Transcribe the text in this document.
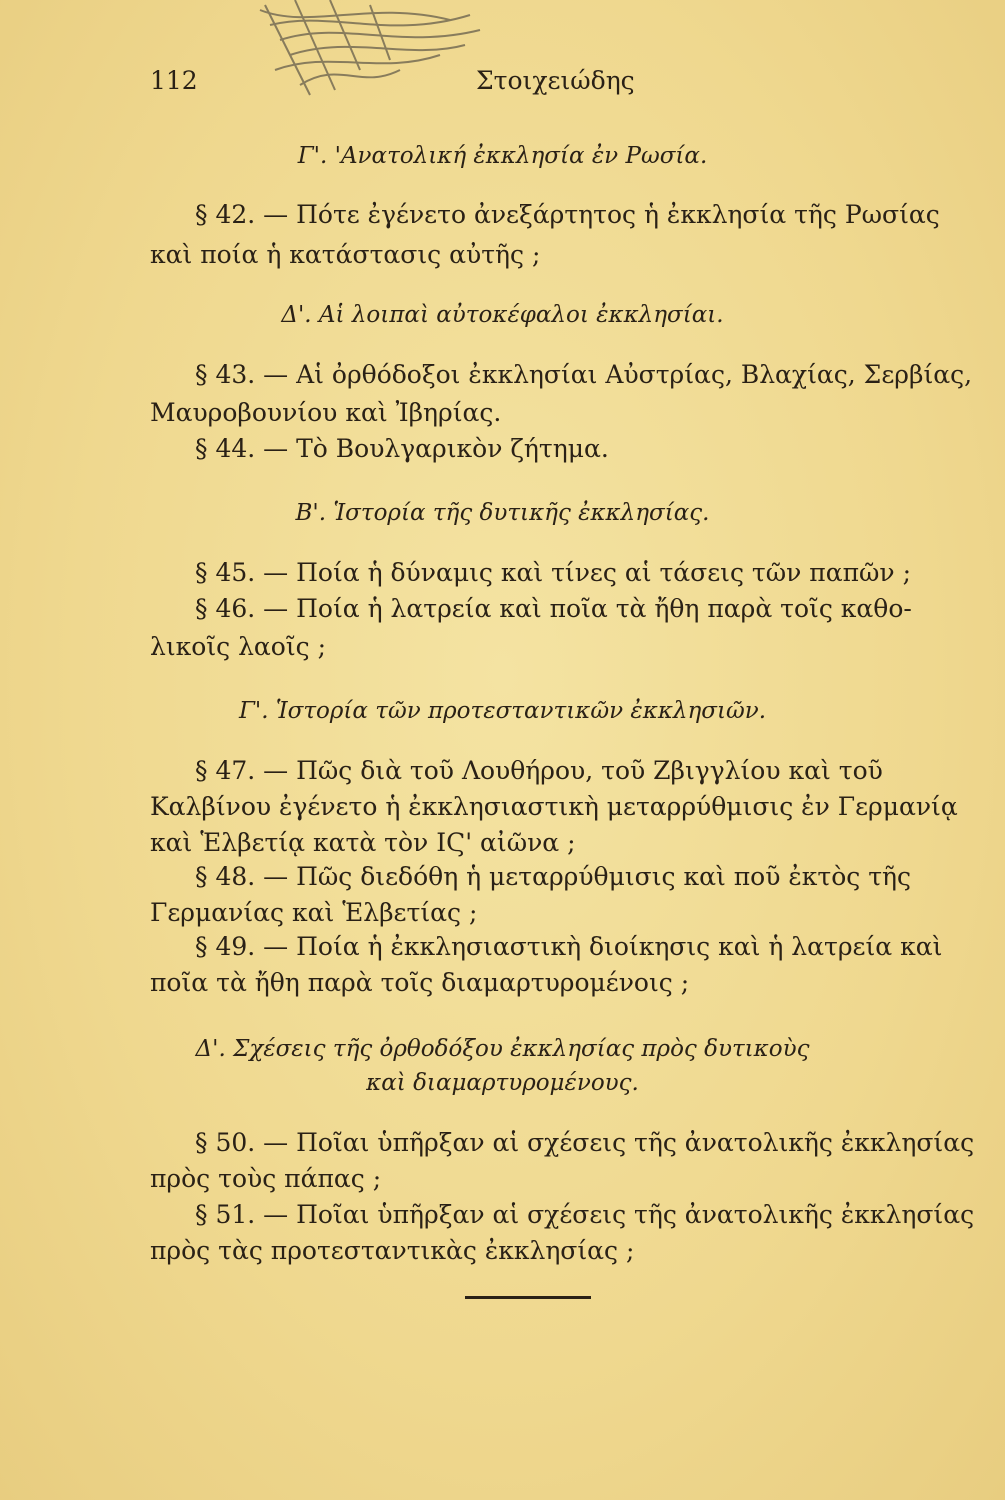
112	Στοιχειώδης
Γ'. 'Ανατολική ἐκκλησία ἐν Ρωσία.
§ 42. — Πότε ἐγένετο ἀνεξάρτητος ἡ ἐκκλησία τῆς Ρωσίας
καὶ ποία ἡ κατάστασις αὐτῆς ;
Δ'. Αἱ λοιπαὶ αὐτοκέφαλοι ἐκκλησίαι.
§ 43. — Αἱ ὀρθόδοξοι ἐκκλησίαι Αὐστρίας, Βλαχίας, Σερβίας,
Μαυροβουνίου καὶ Ἰβηρίας.
§ 44. — Τὸ Βουλγαρικὸν ζήτημα.
Β'. Ἱστορία τῆς δυτικῆς ἐκκλησίας.
§ 45. — Ποία ἡ δύναμις καὶ τίνες αἱ τάσεις τῶν παπῶν ;
§ 46. — Ποία ἡ λατρεία καὶ ποῖα τὰ ἤθη παρὰ τοῖς καθο-
λικοῖς λαοῖς ;
Γ'. Ἱστορία τῶν προτεσταντικῶν ἐκκλησιῶν.
§ 47. — Πῶς διὰ τοῦ Λουθήρου, τοῦ Ζβιγγλίου καὶ τοῦ
Καλβίνου ἐγένετο ἡ ἐκκλησιαστικὴ μεταρρύθμισις ἐν Γερμανίᾳ
καὶ Ἑλβετίᾳ κατὰ τὸν ΙϚ' αἰῶνα ;
§ 48. — Πῶς διεδόθη ἡ μεταρρύθμισις καὶ ποῦ ἐκτὸς τῆς
Γερμανίας καὶ Ἑλβετίας ;
§ 49. — Ποία ἡ ἐκκλησιαστικὴ διοίκησις καὶ ἡ λατρεία καὶ
ποῖα τὰ ἤθη παρὰ τοῖς διαμαρτυρομένοις ;
Δ'. Σχέσεις τῆς ὀρθοδόξου ἐκκλησίας πρὸς δυτικοὺς
καὶ διαμαρτυρομένους.
§ 50. — Ποῖαι ὑπῆρξαν αἱ σχέσεις τῆς ἀνατολικῆς ἐκκλησίας
πρὸς τοὺς πάπας ;
§ 51. — Ποῖαι ὑπῆρξαν αἱ σχέσεις τῆς ἀνατολικῆς ἐκκλησίας
πρὸς τὰς προτεσταντικὰς ἐκκλησίας ;
